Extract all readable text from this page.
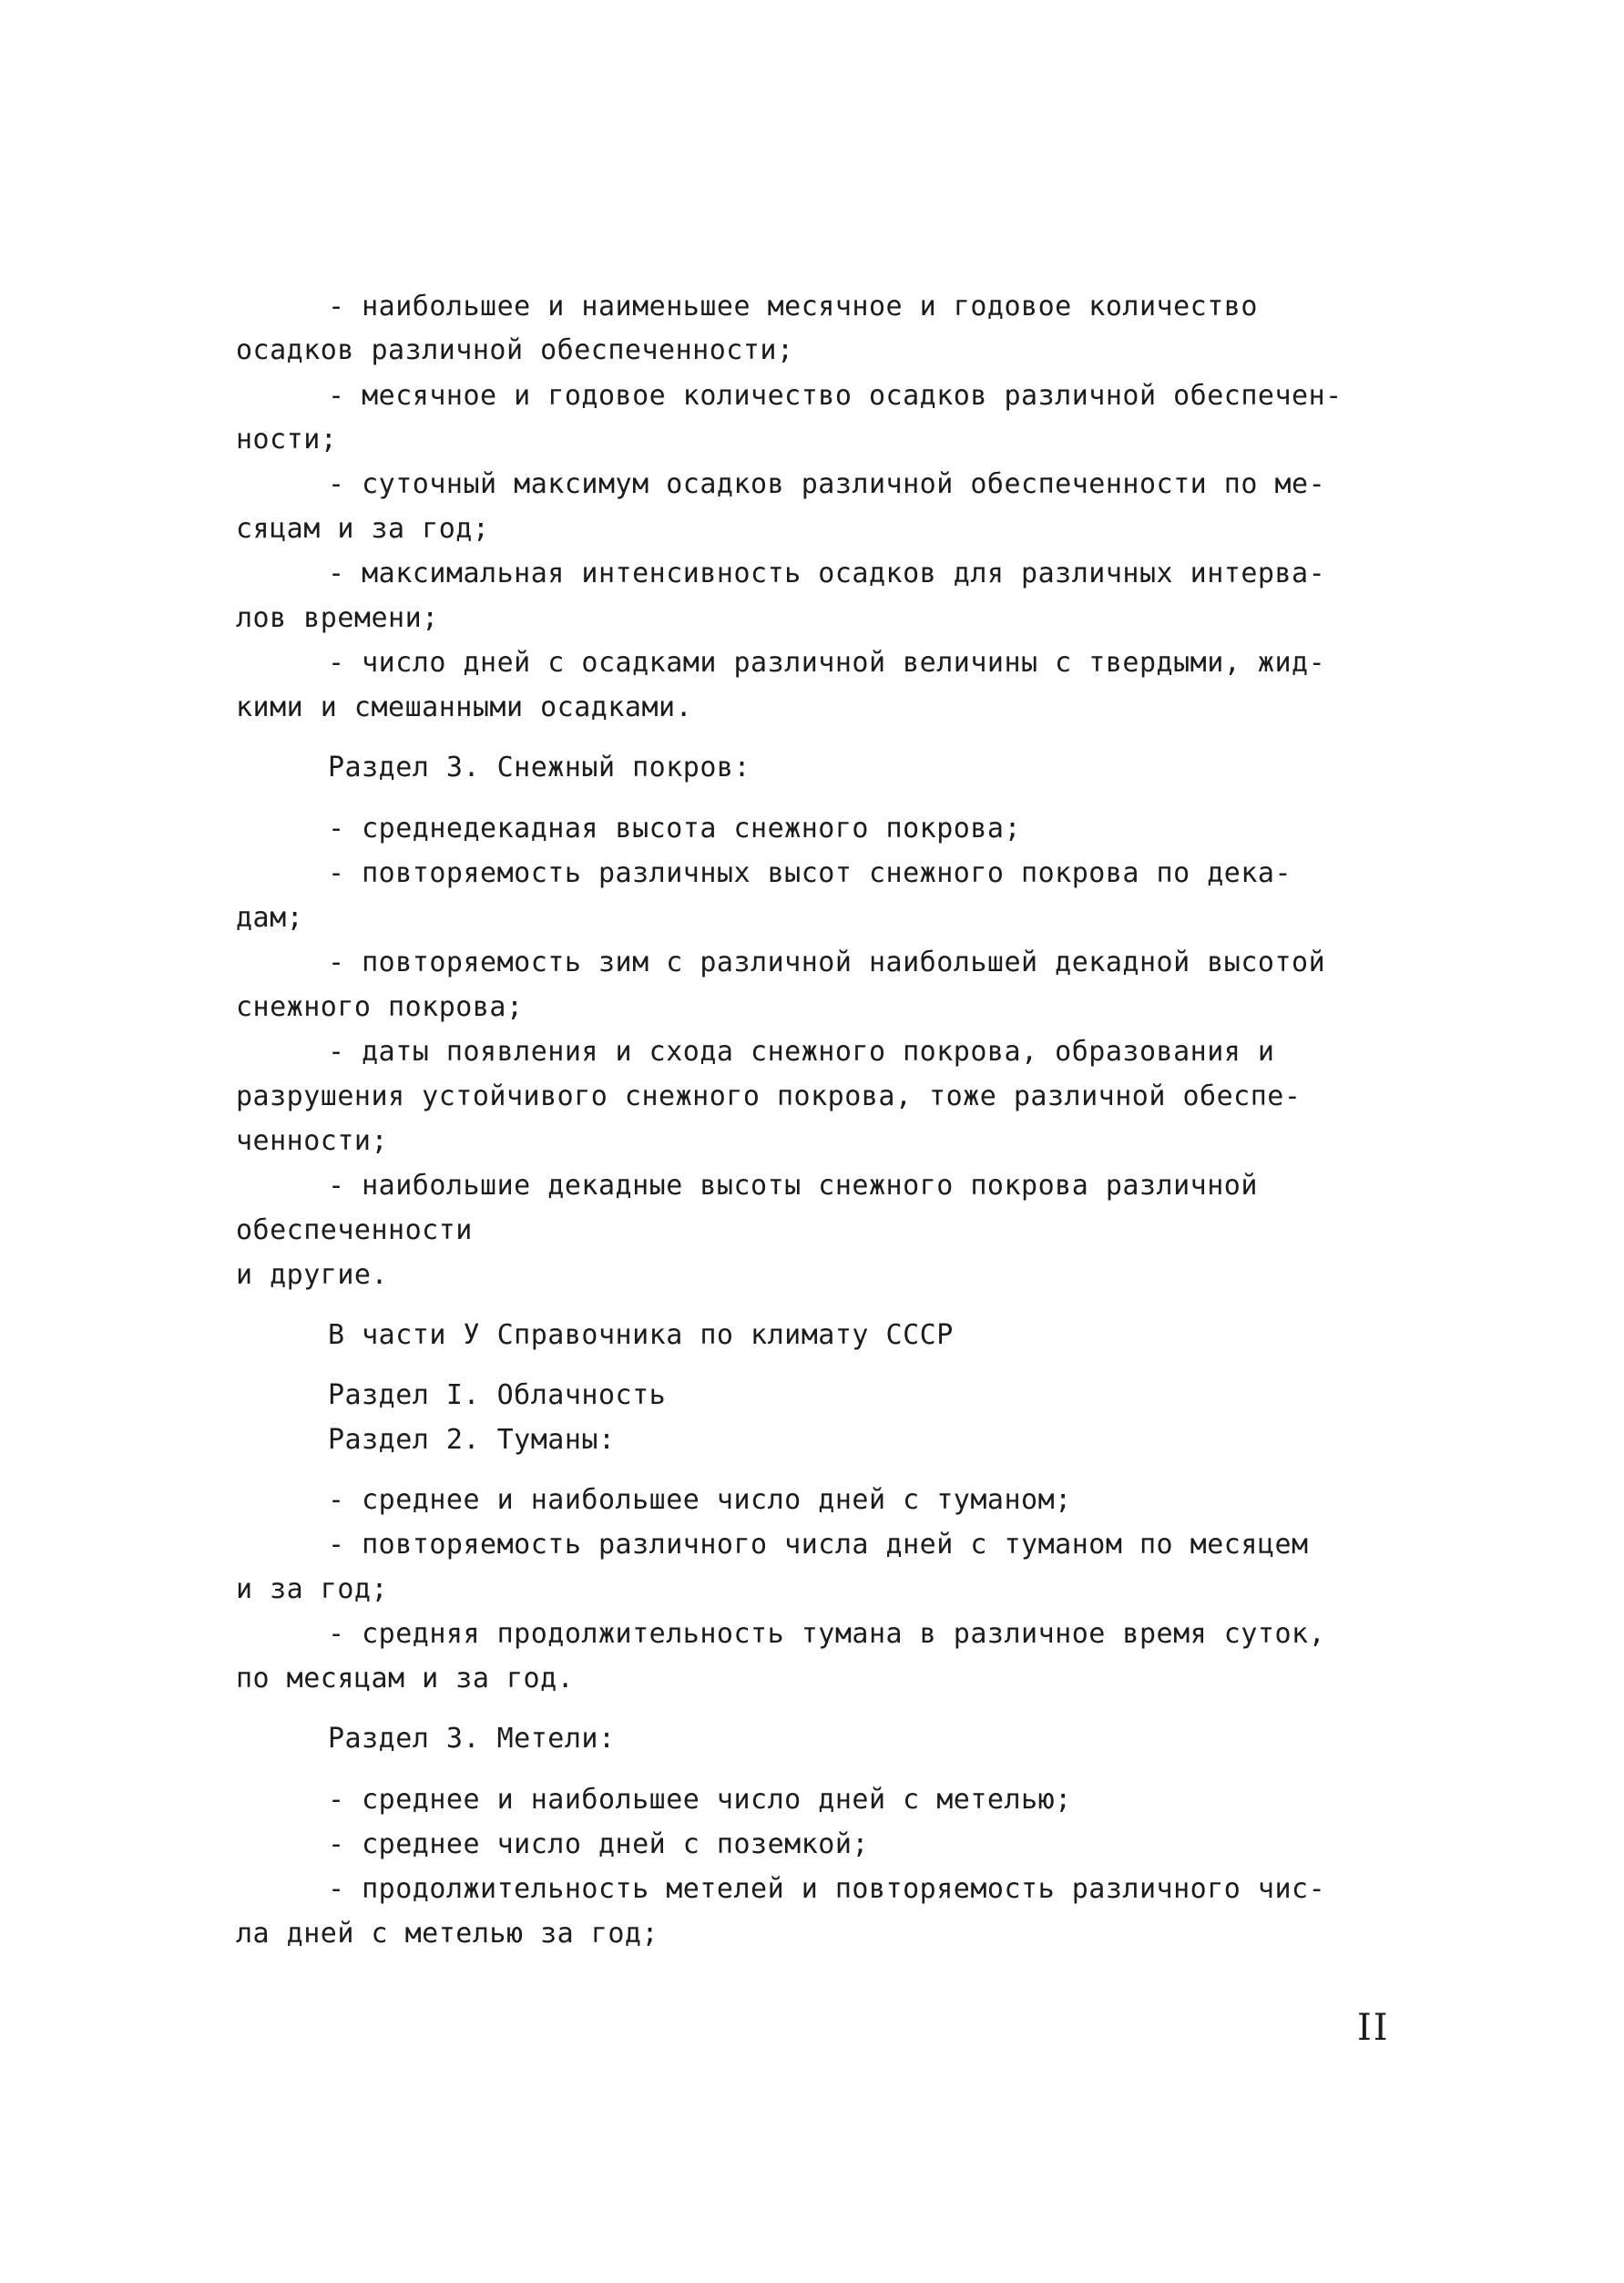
- наибольшее и наименьшее месячное и годовое количество
осадков различной обеспеченности;
- месячное и годовое количество осадков различной обеспечен-
ности;
- суточный максимум осадков различной обеспеченности по ме-
сяцам и за год;
- максимальная интенсивность осадков для различных интерва-
лов времени;
- число дней с осадками различной величины с твердыми, жид-
кими и смешанными осадками.
Раздел 3. Снежный покров:
- среднедекадная высота снежного покрова;
- повторяемость различных высот снежного покрова по дека-
дам;
- повторяемость зим с различной наибольшей декадной высотой
снежного покрова;
- даты появления и схода снежного покрова, образования и
разрушения устойчивого снежного покрова, тоже различной обеспе-
ченности;
- наибольшие декадные высоты снежного покрова различной
обеспеченности
и другие.
В части У Справочника по климату СССР
Раздел I. Облачность
Раздел 2. Туманы:
- среднее и наибольшее число дней с туманом;
- повторяемость различного числа дней с туманом по месяцем
и за год;
- средняя продолжительность тумана в различное время суток,
по месяцам и за год.
Раздел 3. Метели:
- среднее и наибольшее число дней с метелью;
- среднее число дней с поземкой;
- продолжительность метелей и повторяемость различного чис-
ла дней с метелью за год;
II
